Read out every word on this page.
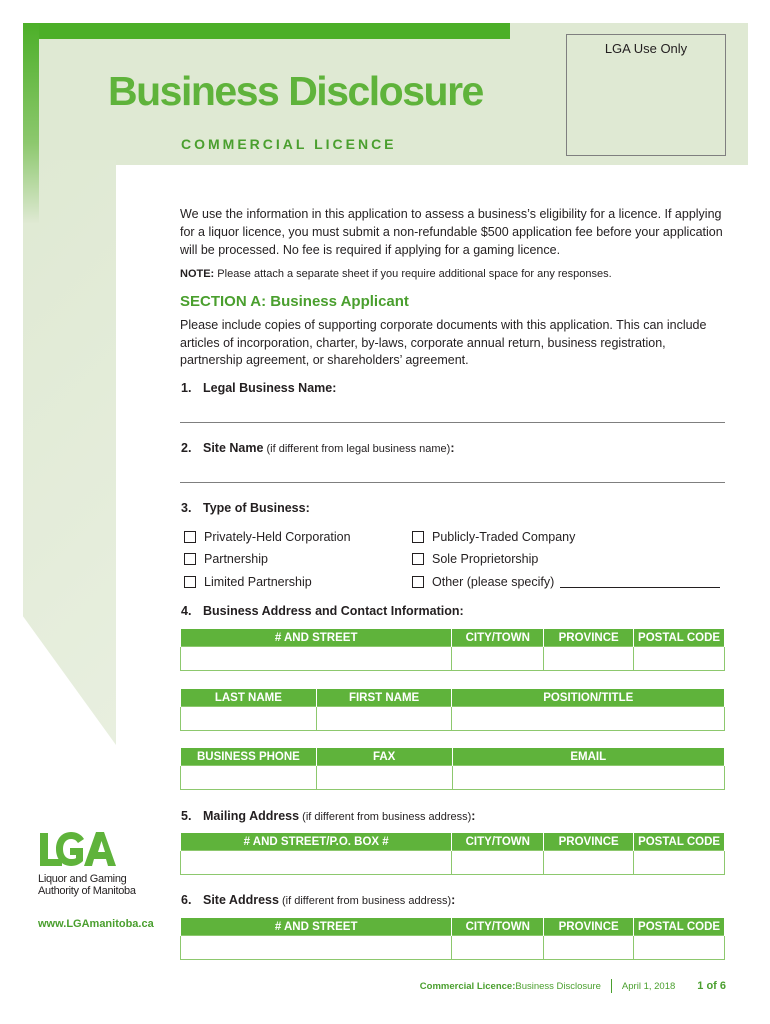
LGA Use Only
Business Disclosure
COMMERCIAL LICENCE
We use the information in this application to assess a business’s eligibility for a licence. If applying for a liquor licence, you must submit a non-refundable $500 application fee before your application will be processed. No fee is required if applying for a gaming licence.
NOTE: Please attach a separate sheet if you require additional space for any responses.
SECTION A: Business Applicant
Please include copies of supporting corporate documents with this application. This can include articles of incorporation, charter, by-laws, corporate annual return, business registration, partnership agreement, or shareholders’ agreement.
1. Legal Business Name:
2. Site Name (if different from legal business name):
3. Type of Business:
Privately-Held Corporation	Publicly-Traded Company
Partnership	Sole Proprietorship
Limited Partnership	Other (please specify)
4. Business Address and Contact Information:
# AND STREET	CITY/TOWN	PROVINCE	POSTAL CODE

LAST NAME	FIRST NAME	POSITION/TITLE

BUSINESS PHONE	FAX	EMAIL

5. Mailing Address (if different from business address):
# AND STREET/P.O. BOX #	CITY/TOWN	PROVINCE	POSTAL CODE

6. Site Address (if different from business address):
# AND STREET	CITY/TOWN	PROVINCE	POSTAL CODE

Liquor and Gaming
Authority of Manitoba
www.LGAmanitoba.ca
Commercial Licence: Business Disclosure April 1, 2018 1 of 6
